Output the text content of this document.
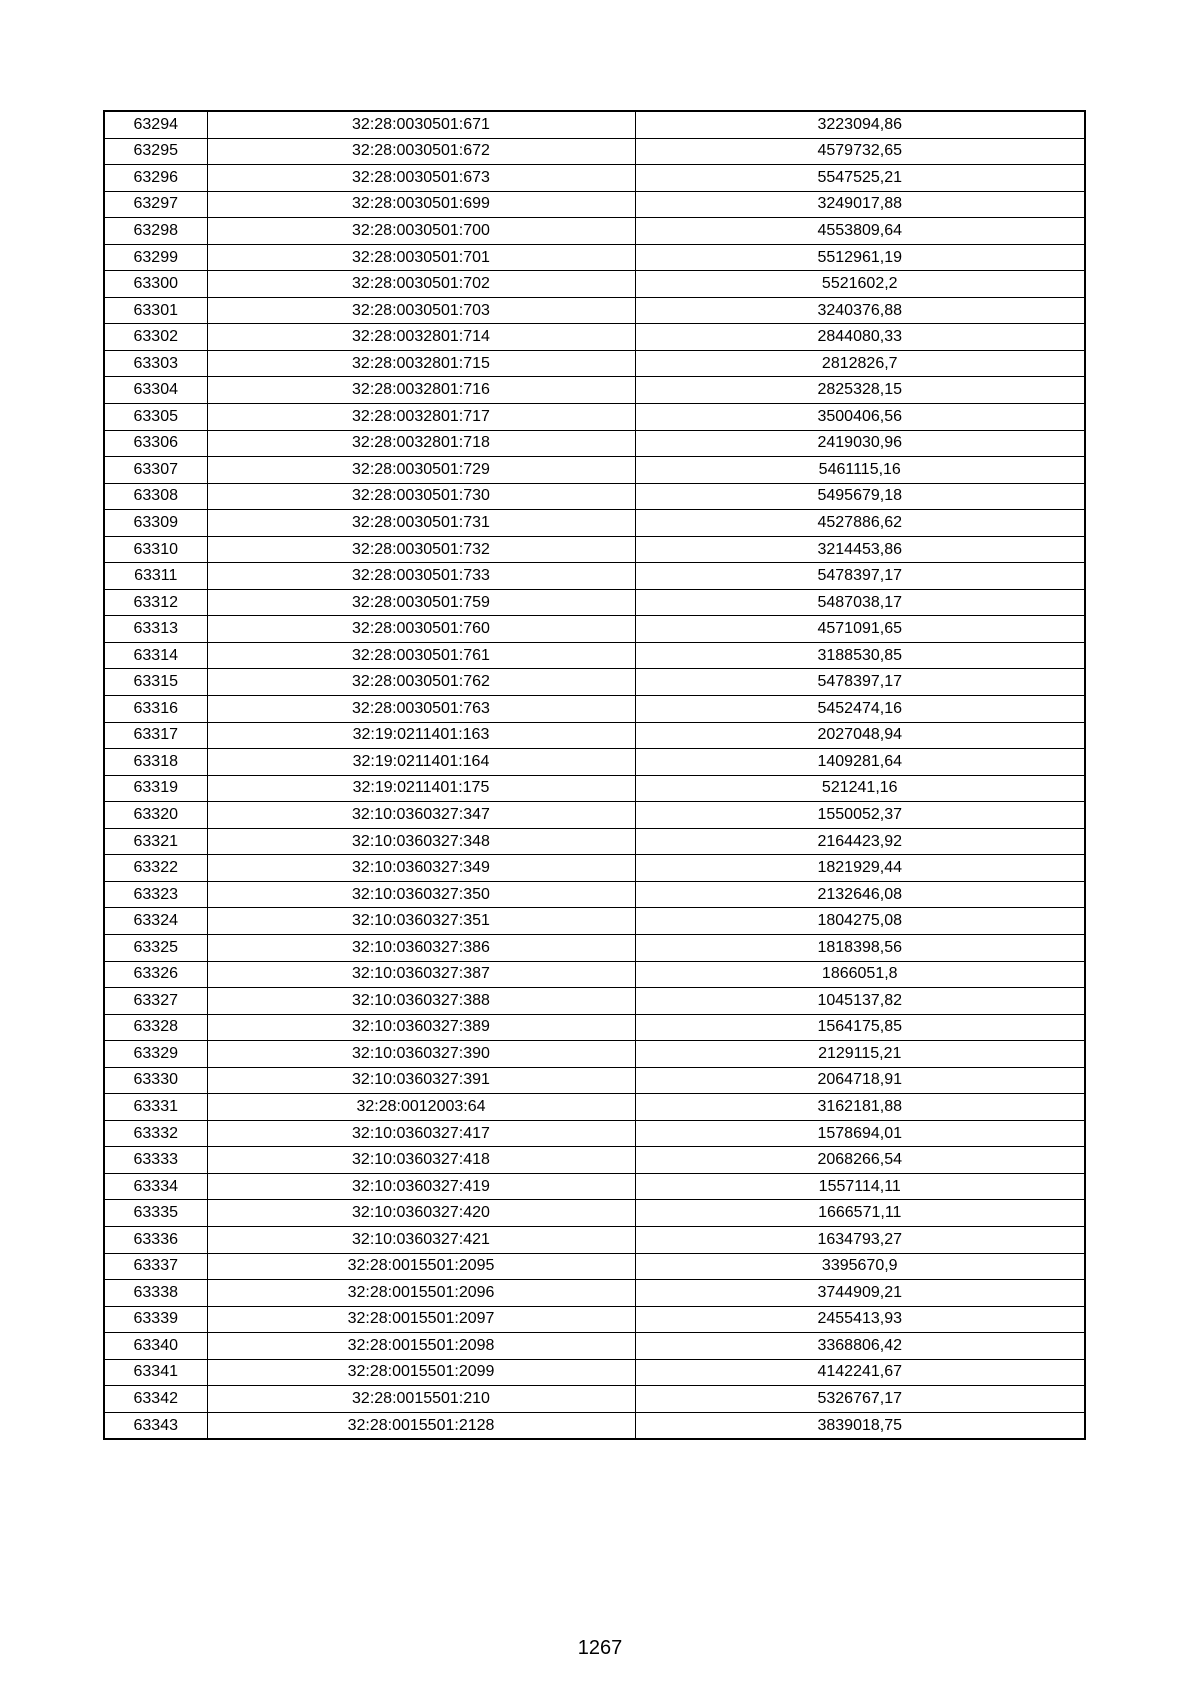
63294	32:28:0030501:671	3223094,86
63295	32:28:0030501:672	4579732,65
63296	32:28:0030501:673	5547525,21
63297	32:28:0030501:699	3249017,88
63298	32:28:0030501:700	4553809,64
63299	32:28:0030501:701	5512961,19
63300	32:28:0030501:702	5521602,2
63301	32:28:0030501:703	3240376,88
63302	32:28:0032801:714	2844080,33
63303	32:28:0032801:715	2812826,7
63304	32:28:0032801:716	2825328,15
63305	32:28:0032801:717	3500406,56
63306	32:28:0032801:718	2419030,96
63307	32:28:0030501:729	5461115,16
63308	32:28:0030501:730	5495679,18
63309	32:28:0030501:731	4527886,62
63310	32:28:0030501:732	3214453,86
63311	32:28:0030501:733	5478397,17
63312	32:28:0030501:759	5487038,17
63313	32:28:0030501:760	4571091,65
63314	32:28:0030501:761	3188530,85
63315	32:28:0030501:762	5478397,17
63316	32:28:0030501:763	5452474,16
63317	32:19:0211401:163	2027048,94
63318	32:19:0211401:164	1409281,64
63319	32:19:0211401:175	521241,16
63320	32:10:0360327:347	1550052,37
63321	32:10:0360327:348	2164423,92
63322	32:10:0360327:349	1821929,44
63323	32:10:0360327:350	2132646,08
63324	32:10:0360327:351	1804275,08
63325	32:10:0360327:386	1818398,56
63326	32:10:0360327:387	1866051,8
63327	32:10:0360327:388	1045137,82
63328	32:10:0360327:389	1564175,85
63329	32:10:0360327:390	2129115,21
63330	32:10:0360327:391	2064718,91
63331	32:28:0012003:64	3162181,88
63332	32:10:0360327:417	1578694,01
63333	32:10:0360327:418	2068266,54
63334	32:10:0360327:419	1557114,11
63335	32:10:0360327:420	1666571,11
63336	32:10:0360327:421	1634793,27
63337	32:28:0015501:2095	3395670,9
63338	32:28:0015501:2096	3744909,21
63339	32:28:0015501:2097	2455413,93
63340	32:28:0015501:2098	3368806,42
63341	32:28:0015501:2099	4142241,67
63342	32:28:0015501:210	5326767,17
63343	32:28:0015501:2128	3839018,75
1267
